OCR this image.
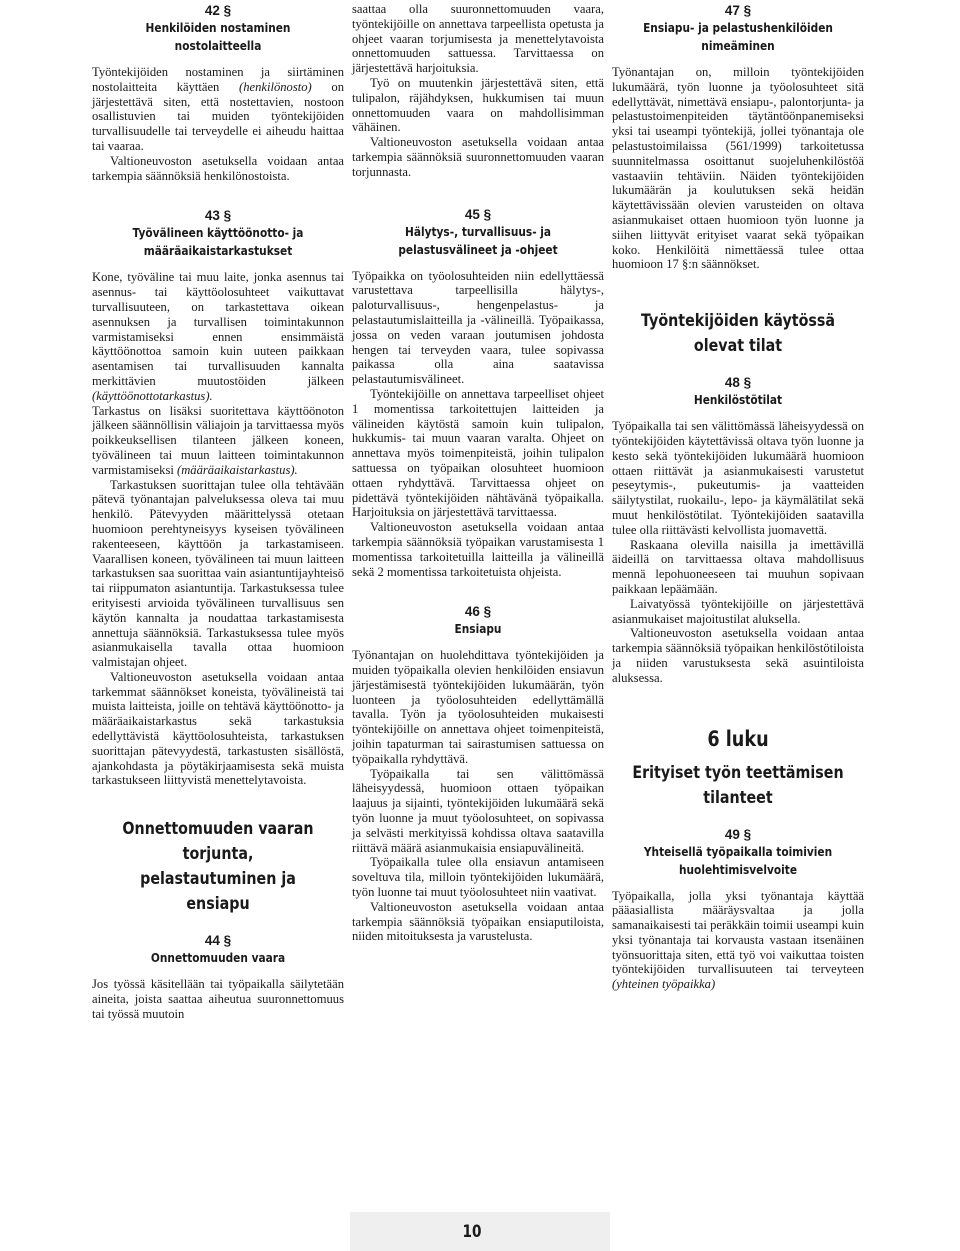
10
42 §
Henkilöiden nostaminen
nostolaitteella

Työntekijöiden nostaminen ja siirtäminen nostolaitteita käyttäen (henkilönosto) on järjestettävä siten, että nostettavien, nostoon osallistuvien tai muiden työntekijöiden turvallisuudelle tai terveydelle ei aiheudu haittaa tai vaaraa.

Valtioneuvoston asetuksella voidaan antaa tarkempia säännöksiä henkilönostoista.

43 §
Työvälineen käyttöönotto- ja
määräaikaistarkastukset

Kone, työväline tai muu laite, jonka asennus tai asennus- tai käyttöolosuhteet vaikuttavat turvallisuuteen, on tarkastettava oikean asennuksen ja turvallisen toimintakunnon varmistamiseksi ennen ensimmäistä käyttöönottoa samoin kuin uuteen paikkaan asentamisen tai turvallisuuden kannalta merkittävien muutostöiden jälkeen (käyttöönottotarkastus).

Tarkastus on lisäksi suoritettava käyttöönoton jälkeen säännöllisin väliajoin ja tarvittaessa myös poikkeuksellisen tilanteen jälkeen koneen, työvälineen tai muun laitteen toimintakunnon varmistamiseksi (määräaikaistarkastus).

Tarkastuksen suorittajan tulee olla tehtävään pätevä työnantajan palveluksessa oleva tai muu henkilö. Pätevyyden määrittelyssä otetaan huomioon perehtyneisyys kyseisen työvälineen rakenteeseen, käyttöön ja tarkastamiseen. Vaarallisen koneen, työvälineen tai muun laitteen tarkastuksen saa suorittaa vain asiantuntijayhteisö tai riippumaton asiantuntija. Tarkastuksessa tulee erityisesti arvioida työvälineen turvallisuus sen käytön kannalta ja noudattaa tarkastamisesta annettuja säännöksiä. Tarkastuksessa tulee myös asianmukaisella tavalla ottaa huomioon valmistajan ohjeet.

Valtioneuvoston asetuksella voidaan antaa tarkemmat säännökset koneista, työvälineistä tai muista laitteista, joille on tehtävä käyttöönotto- ja määräaikaistarkastus sekä tarkastuksia edellyttävistä käyttöolosuhteista, tarkastuksen suorittajan pätevyydestä, tarkastusten sisällöstä, ajankohdasta ja pöytäkirjaamisesta sekä muista tarkastukseen liittyvistä menettelytavoista.

Onnettomuuden vaaran torjunta,
pelastautuminen ja ensiapu
44 §
Onnettomuuden vaara

Jos työssä käsitellään tai työpaikalla säilytetään aineita, joista saattaa aiheutua suuronnettomuus tai työssä muutoin

saattaa olla suuronnettomuuden vaara, työntekijöille on annettava tarpeellista opetusta ja ohjeet vaaran torjumisesta ja menettelytavoista onnettomuuden sattuessa. Tarvittaessa on järjestettävä harjoituksia.

Työ on muutenkin järjestettävä siten, että tulipalon, räjähdyksen, hukkumisen tai muun onnettomuuden vaara on mahdollisimman vähäinen.

Valtioneuvoston asetuksella voidaan antaa tarkempia säännöksiä suuronnettomuuden vaaran torjunnasta.

45 §
Hälytys-, turvallisuus- ja
pelastusvälineet ja -ohjeet

Työpaikka on työolosuhteiden niin edellyttäessä varustettava tarpeellisilla hälytys-, paloturvallisuus-, hengenpelastus- ja pelastautumislaitteilla ja -välineillä. Työpaikassa, jossa on veden varaan joutumisen johdosta hengen tai terveyden vaara, tulee sopivassa paikassa olla aina saatavissa pelastautumisvälineet.

Työntekijöille on annettava tarpeelliset ohjeet 1 momentissa tarkoitettujen laitteiden ja välineiden käytöstä samoin kuin tulipalon, hukkumis- tai muun vaaran varalta. Ohjeet on annettava myös toimenpiteistä, joihin tulipalon sattuessa on työpaikan olosuhteet huomioon ottaen ryhdyttävä. Tarvittaessa ohjeet on pidettävä työntekijöiden nähtävänä työpaikalla. Harjoituksia on järjestettävä tarvittaessa.

Valtioneuvoston asetuksella voidaan antaa tarkempia säännöksiä työpaikan varustamisesta 1 momentissa tarkoitetuilla laitteilla ja välineillä sekä 2 momentissa tarkoitetuista ohjeista.

46 §
Ensiapu

Työnantajan on huolehdittava työntekijöiden ja muiden työpaikalla olevien henkilöiden ensiavun järjestämisestä työntekijöiden lukumäärän, työn luonteen ja työolosuhteiden edellyttämällä tavalla. Työn ja työolosuhteiden mukaisesti työntekijöille on annettava ohjeet toimenpiteistä, joihin tapaturman tai sairastumisen sattuessa on työpaikalla ryhdyttävä.

Työpaikalla tai sen välittömässä läheisyydessä, huomioon ottaen työpaikan laajuus ja sijainti, työntekijöiden lukumäärä sekä työn luonne ja muut työolosuhteet, on sopivassa ja selvästi merkityissä kohdissa oltava saatavilla riittävä määrä asianmukaisia ensiapuvälineitä.

Työpaikalla tulee olla ensiavun antamiseen soveltuva tila, milloin työntekijöiden lukumäärä, työn luonne tai muut työolosuhteet niin vaativat.

Valtioneuvoston asetuksella voidaan antaa tarkempia säännöksiä työpaikan ensiaputiloista, niiden mitoituksesta ja varustelusta.

47 §
Ensiapu- ja pelastushenkilöiden
nimeäminen

Työnantajan on, milloin työntekijöiden lukumäärä, työn luonne ja työolosuhteet sitä edellyttävät, nimettävä ensiapu-, palontorjunta- ja pelastustoimenpiteiden täytäntöönpanemiseksi yksi tai useampi työntekijä, jollei työnantaja ole pelastustoimilaissa (561/1999) tarkoitetussa suunnitelmassa osoittanut suojeluhenkilöstöä vastaaviin tehtäviin. Näiden työntekijöiden lukumäärän ja koulutuksen sekä heidän käytettävissään olevien varusteiden on oltava asianmukaiset ottaen huomioon työn luonne ja siihen liittyvät erityiset vaarat sekä työpaikan koko. Henkilöitä nimettäessä tulee ottaa huomioon 17 §:n säännökset.

Työntekijöiden käytössä
olevat tilat
48 §
Henkilöstötilat

Työpaikalla tai sen välittömässä läheisyydessä on työntekijöiden käytettävissä oltava työn luonne ja kesto sekä työntekijöiden lukumäärä huomioon ottaen riittävät ja asianmukaisesti varustetut peseytymis-, pukeutumis- ja vaatteiden säilytystilat, ruokailu-, lepo- ja käymälätilat sekä muut henkilöstötilat. Työntekijöiden saatavilla tulee olla riittävästi kelvollista juomavettä.

Raskaana olevilla naisilla ja imettävillä äideillä on tarvittaessa oltava mahdollisuus mennä lepohuoneeseen tai muuhun sopivaan paikkaan lepäämään.

Laivatyössä työntekijöille on järjestettävä asianmukaiset majoitustilat aluksella.

Valtioneuvoston asetuksella voidaan antaa tarkempia säännöksiä työpaikan henkilöstötiloista ja niiden varustuksesta sekä asuintiloista aluksessa.

6 luku
Erityiset työn teettämisen
tilanteet
49 §
Yhteisellä työpaikalla toimivien
huolehtimisvelvoite

Työpaikalla, jolla yksi työnantaja käyttää pääasiallista määräysvaltaa ja jolla samanaikaisesti tai peräkkäin toimii useampi kuin yksi työnantaja tai korvausta vastaan itsenäinen työnsuorittaja siten, että työ voi vaikuttaa toisten työntekijöiden turvallisuuteen tai terveyteen (yhteinen työpaikka)
